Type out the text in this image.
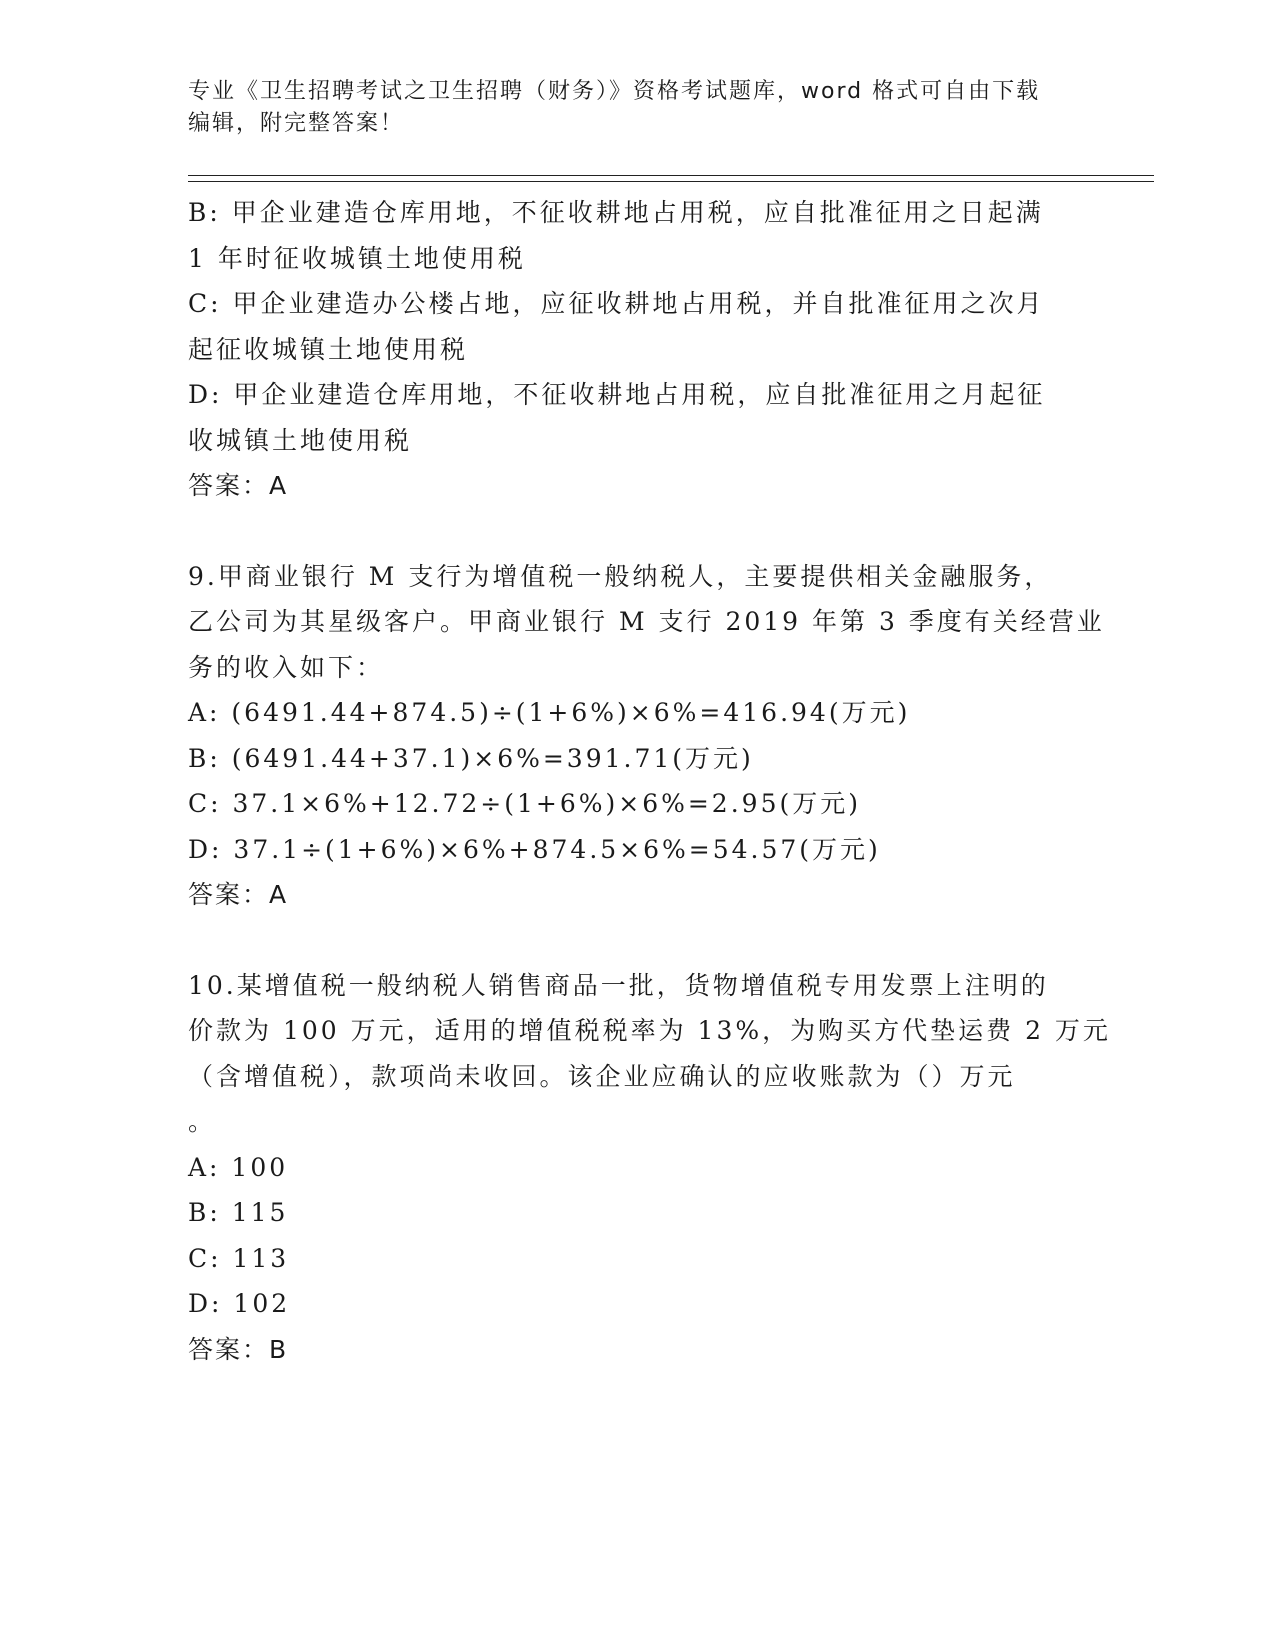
专业《卫生招聘考试之卫生招聘（财务）》资格考试题库，word 格式可自由下载
编辑，附完整答案！
B: 甲企业建造仓库用地，不征收耕地占用税，应自批准征用之日起满
1 年时征收城镇土地使用税
C: 甲企业建造办公楼占地，应征收耕地占用税，并自批准征用之次月
起征收城镇土地使用税
D: 甲企业建造仓库用地，不征收耕地占用税，应自批准征用之月起征
收城镇土地使用税
答案：A
9.甲商业银行 M 支行为增值税一般纳税人，主要提供相关金融服务，
乙公司为其星级客户。甲商业银行 M 支行 2019 年第 3 季度有关经营业
务的收入如下：
A: (6491.44+874.5)÷(1+6%)×6%=416.94(万元)
B: (6491.44+37.1)×6%=391.71(万元)
C: 37.1×6%+12.72÷(1+6%)×6%=2.95(万元)
D: 37.1÷(1+6%)×6%+874.5×6%=54.57(万元)
答案：A
10.某增值税一般纳税人销售商品一批，货物增值税专用发票上注明的
价款为 100 万元，适用的增值税税率为 13%，为购买方代垫运费 2 万元
（含增值税），款项尚未收回。该企业应确认的应收账款为（）万元
。
A: 100
B: 115
C: 113
D: 102
答案：B
